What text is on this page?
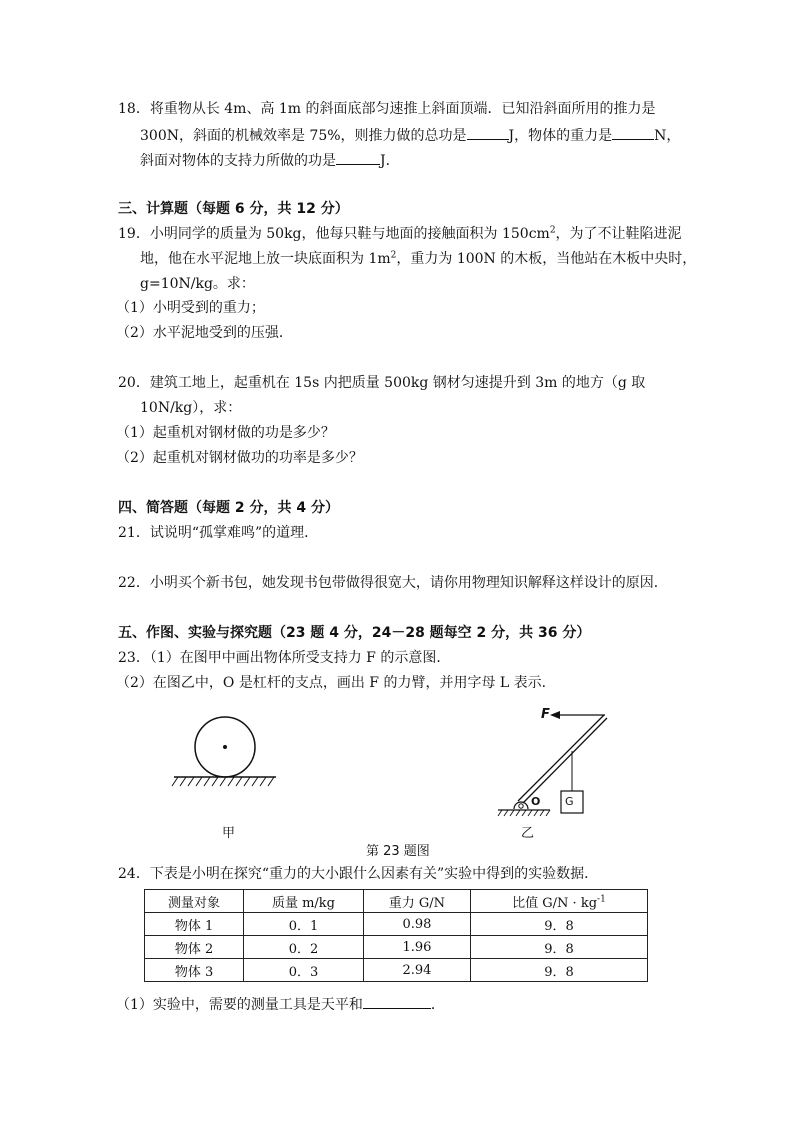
18．将重物从长 4m、高 1m 的斜面底部匀速推上斜面顶端．已知沿斜面所用的推力是
300N，斜面的机械效率是 75%，则推力做的总功是	J，物体的重力是	N，
斜面对物体的支持力所做的功是	J．
三、计算题（每题 6 分，共 12 分）
19．小明同学的质量为 50kg，他每只鞋与地面的接触面积为 $150cm^2$，为了不让鞋陷进泥
地，他在水平泥地上放一块底面积为 $1m^2$，重力为 100N 的木板，当他站在木板中央时，
g=10N/kg。求：
（1）小明受到的重力；
（2）水平泥地受到的压强．
20．建筑工地上，起重机在 15s 内把质量 500kg 钢材匀速提升到 3m 的地方（g 取
10N/kg），求：
（1）起重机对钢材做的功是多少？
（2）起重机对钢材做功的功率是多少？
四、简答题（每题 2 分，共 4 分）
21．试说明“孤掌难鸣”的道理．
22．小明买个新书包，她发现书包带做得很宽大，请你用物理知识解释这样设计的原因．
五、作图、实验与探究题（23 题 4 分，24－28 题每空 2 分，共 36 分）
23．（1）在图甲中画出物体所受支持力 F 的示意图．
（2）在图乙中，O 是杠杆的支点，画出 F 的力臂，并用字母 L 表示．
甲
F
O G
乙
第 23 题图
24．下表是小明在探究“重力的大小跟什么因素有关”实验中得到的实验数据．
测量对象	质量 m/kg	重力 G/N	比值 $G/N \cdot kg^{-1}$
物体 1	0．1	0.98	9．8
物体 2	0．2	1.96	9．8
物体 3	0．3	2.94	9．8
（1）实验中，需要的测量工具是天平和	．
